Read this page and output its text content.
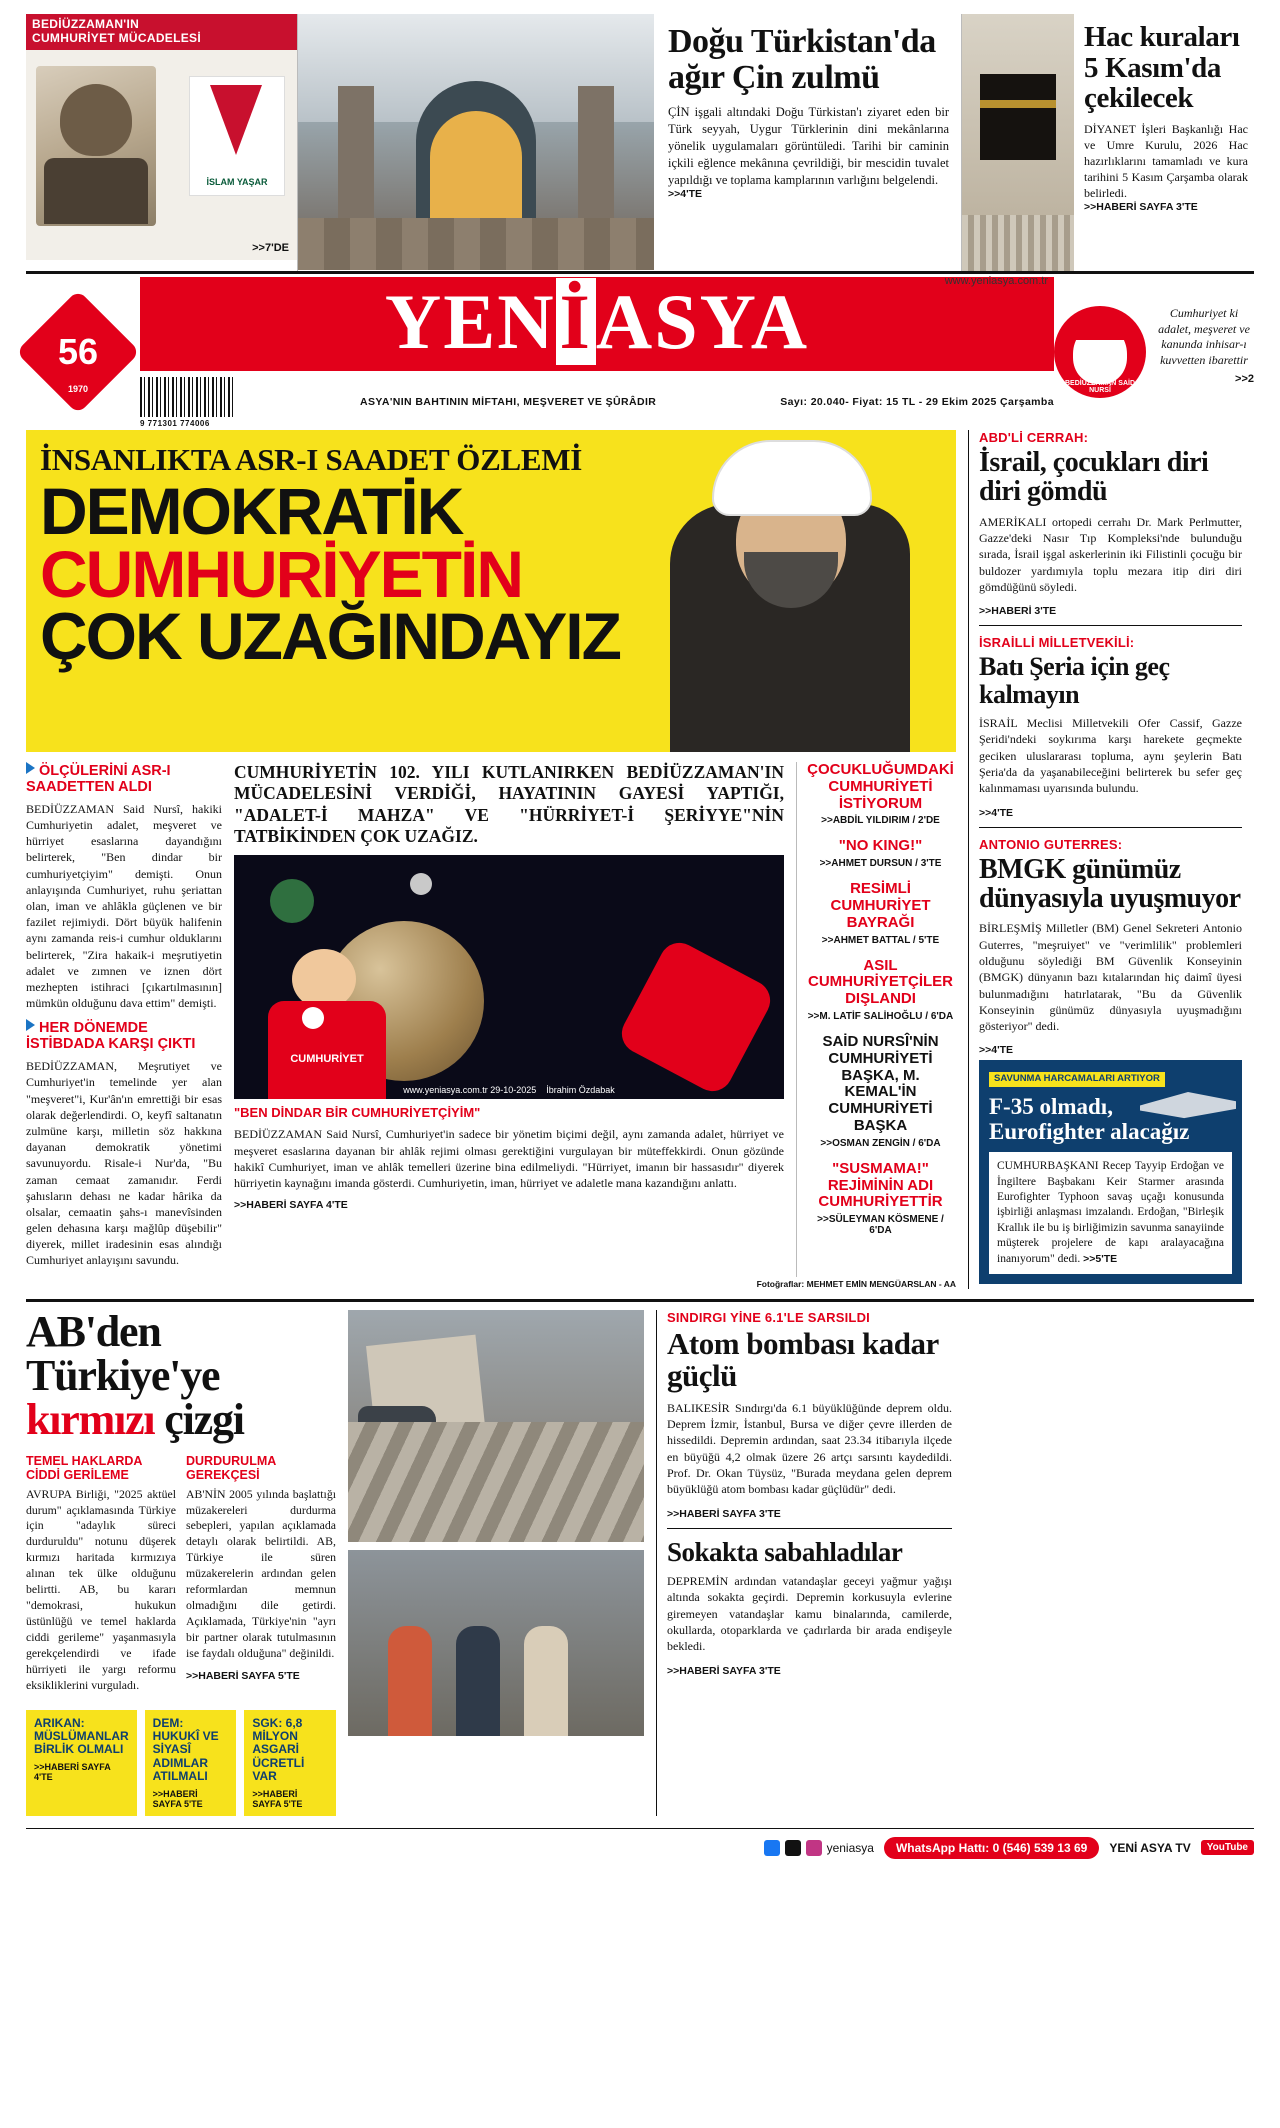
BEDİÜZZAMAN'IN
CUMHURİYET MÜCADELESİ
İSLAM YAŞAR
>>7'DE
Doğu Türkistan'da ağır Çin zulmü

ÇİN işgali altındaki Doğu Türkistan'ı ziyaret eden bir Türk seyyah, Uygur Türklerinin dini mekânlarına yönelik uygulamaları görüntüledi. Tarihi bir caminin içkili eğlence mekânına çevrildiği, bir mescidin tuvalet yapıldığı ve toplama kamplarının varlığını belgelendi.

>>4'TE
Hac kuraları 5 Kasım'da çekilecek

DİYANET İşleri Başkanlığı Hac ve Umre Kurulu, 2026 Hac hazırlıklarını tamamladı ve kura tarihini 5 Kasım Çarşamba olarak belirledi.

>>HABERİ SAYFA 3'TE
56
1970
www.yeniasya.com.tr
YENİASYA
9 771301 774006
ASYA'NIN BAHTININ MİFTAHI, MEŞVERET VE ŞÛRÂDIR	Sayı: 20.040- Fiyat: 15 TL - 29 Ekim 2025 Çarşamba
BEDİÜZZAMAN SAİD NURSÎ
Cumhuriyet ki adalet, meşveret ve kanunda inhisar-ı kuvvetten ibarettir
>>2
İNSANLIKTA ASR-I SAADET ÖZLEMİ
DEMOKRATİK
CUMHURİYETİN
ÇOK UZAĞINDAYIZ
ÖLÇÜLERİNİ ASR-I SAADETTEN ALDI

BEDİÜZZAMAN Said Nursî, hakiki Cumhuriyetin adalet, meşveret ve hürriyet esaslarına dayandığını belirterek, "Ben dindar bir cumhuriyetçiyim" demişti. Onun anlayışında Cumhuriyet, ruhu şeriattan olan, iman ve ahlâkla güçlenen ve bir fazilet rejimiydi. Dört büyük halifenin aynı zamanda reis-i cumhur olduklarını belirterek, "Zira hakaik-i meşrutiyetin adalet ve zımnen ve iznen dört mezhepten istihraci [çıkartılmasının] mümkün olduğunu dava ettim" demişti.

HER DÖNEMDE İSTİBDADA KARŞI ÇIKTI

BEDİÜZZAMAN, Meşrutiyet ve Cumhuriyet'in temelinde yer alan "meşveret"i, Kur'ân'ın emrettiği bir esas olarak değerlendirdi. O, keyfî saltanatın zulmüne karşı, milletin söz hakkına dayanan demokratik yönetimi savunuyordu. Risale-i Nur'da, "Bu zaman cemaat zamanıdır. Ferdi şahısların dehası ne kadar hârika da olsalar, cemaatin şahs-ı manevîsinden gelen dehasına karşı mağlûp düşebilir" diyerek, millet iradesinin esas alındığı Cumhuriyet anlayışını savundu.

CUMHURİYETİN 102. YILI KUTLANIRKEN BEDİÜZZAMAN'IN MÜCADELESİNİ VERDİĞİ, HAYATININ GAYESİ YAPTIĞI, "ADALET-İ MAHZA" VE "HÜRRİYET-İ ŞERİYYE"NİN TATBİKİNDEN ÇOK UZAĞIZ.

CUMHURİYET
www.yeniasya.com.tr 29-10-2025 İbrahim Özdabak
"BEN DİNDAR BİR CUMHURİYETÇİYİM"

BEDİÜZZAMAN Said Nursî, Cumhuriyet'in sadece bir yönetim biçimi değil, aynı zamanda adalet, hürriyet ve meşveret esaslarına dayanan bir ahlâk rejimi olması gerektiğini vurgulayan bir müteffekkirdi. Onun gözünde hakikî Cumhuriyet, iman ve ahlâk temelleri üzerine bina edilmeliydi. "Hürriyet, imanın bir hassasıdır" diyerek hürriyetin kaynağını imanda gösterdi. Cumhuriyetin, iman, hürriyet ve adaletle mana kazandığını anlattı.

>>HABERİ SAYFA 4'TE
ÇOCUKLUĞUMDAKİ CUMHURİYETİ İSTİYORUM
>>ABDİL YILDIRIM / 2'DE
"NO KING!"
>>AHMET DURSUN / 3'TE
RESİMLİ CUMHURİYET BAYRAĞI
>>AHMET BATTAL / 5'TE
ASIL CUMHURİYETÇİLER DIŞLANDI
>>M. LATİF SALİHOĞLU / 6'DA
SAİD NURSÎ'NİN CUMHURİYETİ BAŞKA, M. KEMAL'İN CUMHURİYETİ BAŞKA
>>OSMAN ZENGİN / 6'DA
"SUSMAMA!" REJİMİNİN ADI CUMHURİYETTİR
>>SÜLEYMAN KÖSMENE / 6'DA
Fotoğraflar: MEHMET EMİN MENGÜARSLAN - AA
ABD'Lİ CERRAH:
İsrail, çocukları diri diri gömdü

AMERİKALI ortopedi cerrahı Dr. Mark Perlmutter, Gazze'deki Nasır Tıp Kompleksi'nde bulunduğu sırada, İsrail işgal askerlerinin iki Filistinli çocuğu bir buldozer yardımıyla toplu mezara itip diri diri gömdüğünü söyledi.

>>HABERİ 3'TE
İSRAİLLİ MİLLETVEKİLİ:
Batı Şeria için geç kalmayın

İSRAİL Meclisi Milletvekili Ofer Cassif, Gazze Şeridi'ndeki soykırıma karşı harekete geçmekte geciken uluslararası topluma, aynı şeylerin Batı Şeria'da da yaşanabileceğini belirterek bu sefer geç kalınmaması uyarısında bulundu.

>>4'TE
ANTONIO GUTERRES:
BMGK günümüz dünyasıyla uyuşmuyor

BİRLEŞMİŞ Milletler (BM) Genel Sekreteri Antonio Guterres, "meşruiyet" ve "verimlilik" problemleri olduğunu söylediği BM Güvenlik Konseyinin (BMGK) dünyanın bazı kıtalarından hiç daimî üyesi bulunmadığını hatırlatarak, "Bu da Güvenlik Konseyinin günümüz dünyasıyla uyuşmadığını gösteriyor" dedi.

>>4'TE
SAVUNMA HARCAMALARI ARTIYOR
F-35 olmadı, Eurofighter alacağız
CUMHURBAŞKANI Recep Tayyip Erdoğan ve İngiltere Başbakanı Keir Starmer arasında Eurofighter Typhoon savaş uçağı konusunda işbirliği anlaşması imzalandı. Erdoğan, "Birleşik Krallık ile bu iş birliğimizin savunma sanayiinde müşterek projelere de kapı aralayacağına inanıyorum" dedi. >>5'TE
AB'den Türkiye'ye
kırmızı çizgi
TEMEL HAKLARDA CİDDİ GERİLEME

AVRUPA Birliği, "2025 aktüel durum" açıklamasında Türkiye için "adaylık süreci durduruldu" notunu düşerek kırmızı haritada kırmızıya alınan tek ülke olduğunu belirtti. AB, bu kararı "demokrasi, hukukun üstünlüğü ve temel haklarda ciddi gerileme" yaşanmasıyla gerekçelendirdi ve ifade hürriyeti ile yargı reformu eksikliklerini vurguladı.

DURDURULMA GEREKÇESİ

AB'NİN 2005 yılında başlattığı müzakereleri durdurma sebepleri, yapılan açıklamada detaylı olarak belirtildi. AB, Türkiye ile süren müzakerelerin ardından gelen reformlardan memnun olmadığını dile getirdi. Açıklamada, Türkiye'nin "ayrı bir partner olarak tutulmasının ise faydalı olduğuna" değinildi.

>>HABERİ SAYFA 5'TE
ARIKAN: MÜSLÜMANLAR BİRLİK OLMALI
>>HABERİ SAYFA 4'TE
DEM: HUKUKÎ VE SİYASÎ ADIMLAR ATILMALI
>>HABERİ SAYFA 5'TE
SGK: 6,8 MİLYON ASGARİ ÜCRETLİ VAR
>>HABERİ SAYFA 5'TE
SINDIRGI YİNE 6.1'LE SARSILDI
Atom bombası kadar güçlü

BALIKESİR Sındırgı'da 6.1 büyüklüğünde deprem oldu. Deprem İzmir, İstanbul, Bursa ve diğer çevre illerden de hissedildi. Depremin ardından, saat 23.34 itibarıyla ilçede en büyüğü 4,2 olmak üzere 26 artçı sarsıntı kaydedildi. Prof. Dr. Okan Tüysüz, "Burada meydana gelen deprem büyüklüğü atom bombası kadar güçlüdür" dedi.

>>HABERİ SAYFA 3'TE
Sokakta sabahladılar

DEPREMİN ardından vatandaşlar geceyi yağmur yağışı altında sokakta geçirdi. Depremin korkusuyla evlerine giremeyen vatandaşlar kamu binalarında, camilerde, okullarda, otoparklarda ve çadırlarda bir arada endişeyle bekledi.

>>HABERİ SAYFA 3'TE
yeniasya	WhatsApp Hattı: 0 (546) 539 13 69	YENİ ASYA TV	YouTube
